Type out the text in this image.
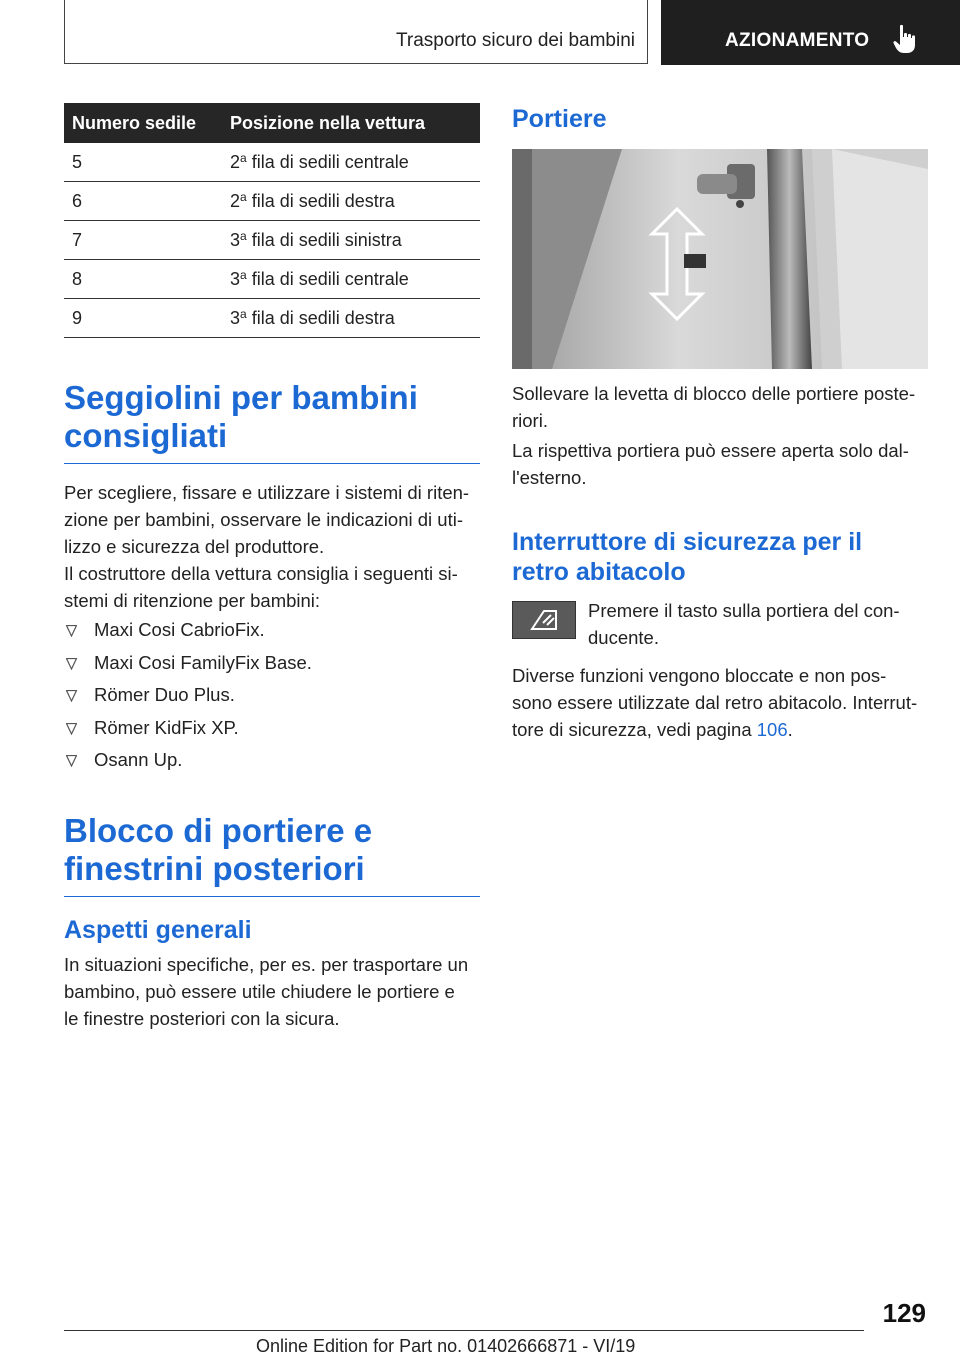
Trasporto sicuro dei bambini	AZIONAMENTO
Numero sedile	Posizione nella vettura
5	2$^a$ fila di sedili centrale
6	2$^a$ fila di sedili destra
7	3$^a$ fila di sedili sinistra
8	3$^a$ fila di sedili centrale
9	3$^a$ fila di sedili destra
Seggiolini per bambini
consigliati

Per scegliere, fissare e utilizzare i sistemi di riten-
zione per bambini, osservare le indicazioni di uti-
lizzo e sicurezza del produttore.

Il costruttore della vettura consiglia i seguenti si-
stemi di ritenzione per bambini:

Maxi Cosi CabrioFix.
Maxi Cosi FamilyFix Base.
Römer Duo Plus.
Römer KidFix XP.
Osann Up.
Blocco di portiere e
finestrini posteriori
Aspetti generali

In situazioni specifiche, per es. per trasportare un
bambino, può essere utile chiudere le portiere e
le finestre posteriori con la sicura.

Portiere

Sollevare la levetta di blocco delle portiere poste-
riori.

La rispettiva portiera può essere aperta solo dal-
l'esterno.

Interruttore di sicurezza per il
retro abitacolo

Premere il tasto sulla portiera del con-
ducente.

Diverse funzioni vengono bloccate e non pos-
sono essere utilizzate dal retro abitacolo. Interrut-
tore di sicurezza, vedi pagina 106.

129
Online Edition for Part no. 01402666871 - VI/19
